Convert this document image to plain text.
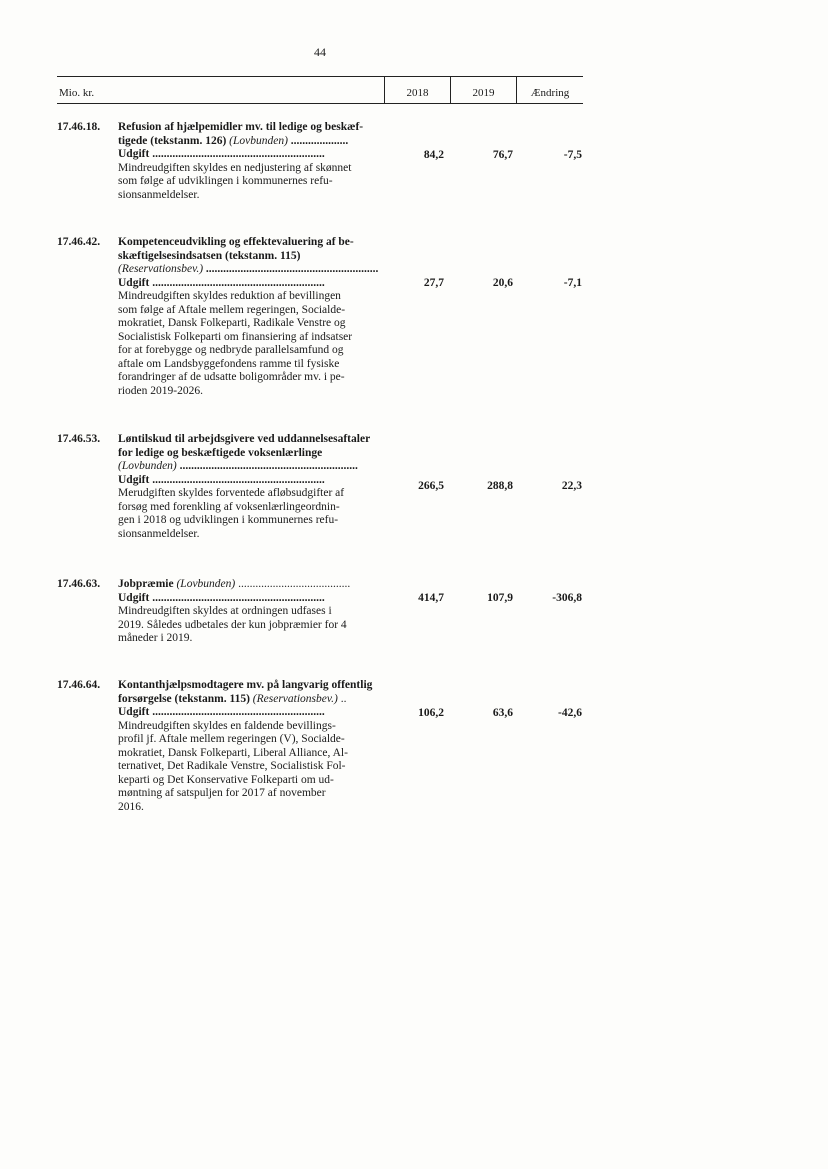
44
Mio. kr.	2018	2019	Ændring
17.46.18. Refusion af hjælpemidler mv. til ledige og beskæf-
tigede (tekstanm. 126) (Lovbunden) ....................
Udgift ............................................................
Mindreudgiften skyldes en nedjustering af skønnet
som følge af udviklingen i kommunernes refu-
sionsanmeldelser.
84,2	76,7	-7,5
17.46.42. Kompetenceudvikling og effektevaluering af be-
skæftigelsesindsatsen (tekstanm. 115)
(Reservationsbev.) ............................................................
Udgift ............................................................
Mindreudgiften skyldes reduktion af bevillingen
som følge af Aftale mellem regeringen, Socialde-
mokratiet, Dansk Folkeparti, Radikale Venstre og
Socialistisk Folkeparti om finansiering af indsatser
for at forebygge og nedbryde parallelsamfund og
aftale om Landsbyggefondens ramme til fysiske
forandringer af de udsatte boligområder mv. i pe-
rioden 2019-2026.
27,7	20,6	-7,1
17.46.53. Løntilskud til arbejdsgivere ved uddannelsesaftaler
for ledige og beskæftigede voksenlærlinge
(Lovbunden) ..............................................................
Udgift ............................................................
Merudgiften skyldes forventede afløbsudgifter af
forsøg med forenkling af voksenlærlingeordnin-
gen i 2018 og udviklingen i kommunernes refu-
sionsanmeldelser.
266,5	288,8	22,3
17.46.63. Jobpræmie (Lovbunden) .......................................
Udgift ............................................................
Mindreudgiften skyldes at ordningen udfases i
2019. Således udbetales der kun jobpræmier for 4
måneder i 2019.
414,7	107,9	-306,8
17.46.64. Kontanthjælpsmodtagere mv. på langvarig offentlig
forsørgelse (tekstanm. 115) (Reservationsbev.) ..
Udgift ............................................................
Mindreudgiften skyldes en faldende bevillings-
profil jf. Aftale mellem regeringen (V), Socialde-
mokratiet, Dansk Folkeparti, Liberal Alliance, Al-
ternativet, Det Radikale Venstre, Socialistisk Fol-
keparti og Det Konservative Folkeparti om ud-
møntning af satspuljen for 2017 af november
2016.
106,2	63,6	-42,6
